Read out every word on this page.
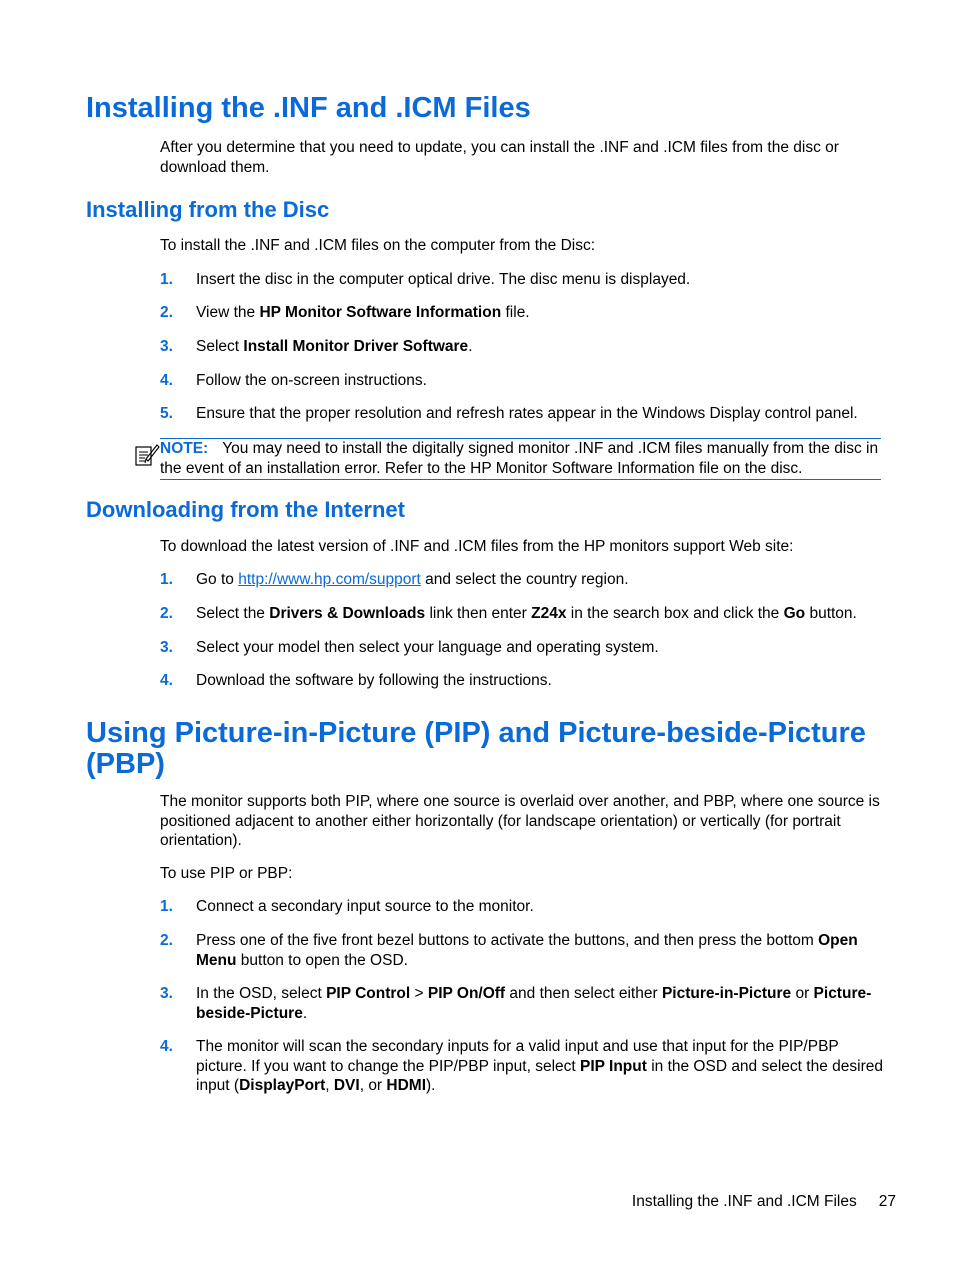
Installing the .INF and .ICM Files

After you determine that you need to update, you can install the .INF and .ICM files from the disc or download them.

Installing from the Disc

To install the .INF and .ICM files on the computer from the Disc:

1. Insert the disc in the computer optical drive. The disc menu is displayed.
2. View the HP Monitor Software Information file.
3. Select Install Monitor Driver Software.
4. Follow the on-screen instructions.
5. Ensure that the proper resolution and refresh rates appear in the Windows Display control panel.
NOTE: You may need to install the digitally signed monitor .INF and .ICM files manually from the disc in the event of an installation error. Refer to the HP Monitor Software Information file on the disc.
Downloading from the Internet

To download the latest version of .INF and .ICM files from the HP monitors support Web site:

1. Go to http://www.hp.com/support and select the country region.
2. Select the Drivers & Downloads link then enter Z24x in the search box and click the Go button.
3. Select your model then select your language and operating system.
4. Download the software by following the instructions.
Using Picture-in-Picture (PIP) and Picture-beside-Picture
(PBP)

The monitor supports both PIP, where one source is overlaid over another, and PBP, where one source is positioned adjacent to another either horizontally (for landscape orientation) or vertically (for portrait orientation).

To use PIP or PBP:

1. Connect a secondary input source to the monitor.
2. Press one of the five front bezel buttons to activate the buttons, and then press the bottom Open Menu button to open the OSD.
3. In the OSD, select PIP Control > PIP On/Off and then select either Picture-in-Picture or Picture-beside-Picture.
4. The monitor will scan the secondary inputs for a valid input and use that input for the PIP/PBP picture. If you want to change the PIP/PBP input, select PIP Input in the OSD and select the desired input (DisplayPort, DVI, or HDMI).
Installing the .INF and .ICM Files 27
